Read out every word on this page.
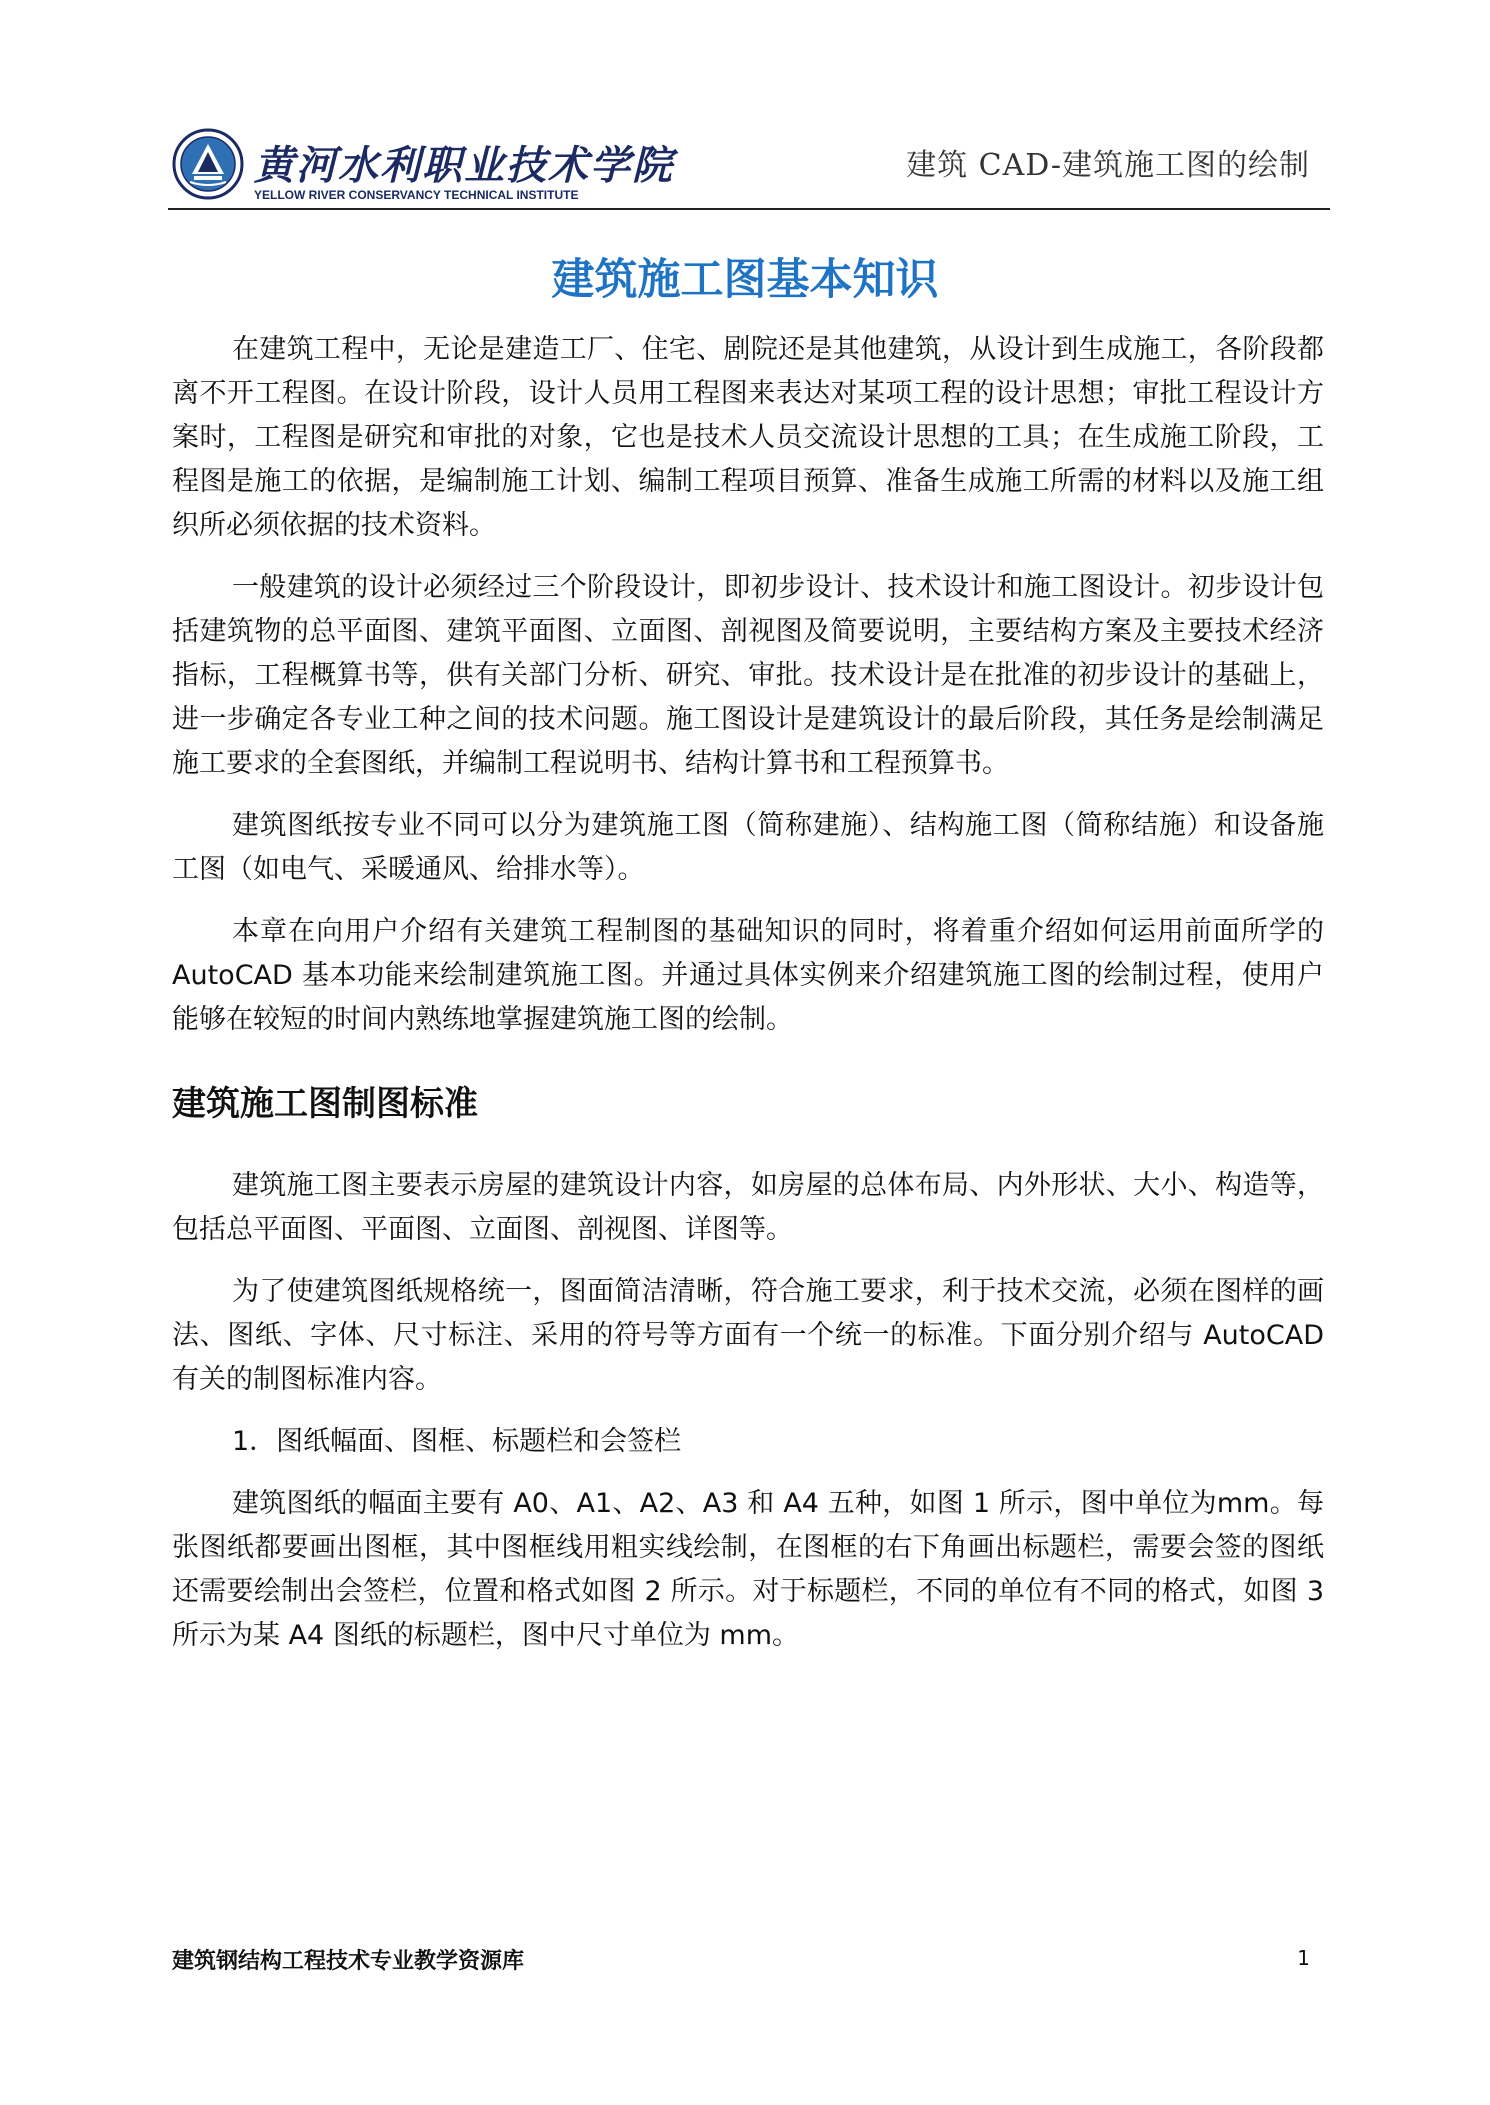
黄河水利职业技术学院
YELLOW RIVER CONSERVANCY TECHNICAL INSTITUTE
建筑 CAD-建筑施工图的绘制
建筑施工图基本知识

在建筑工程中，无论是建造工厂、住宅、剧院还是其他建筑，从设计到生成施工，各阶段都离不开工程图。在设计阶段，设计人员用工程图来表达对某项工程的设计思想；审批工程设计方案时，工程图是研究和审批的对象，它也是技术人员交流设计思想的工具；在生成施工阶段，工程图是施工的依据，是编制施工计划、编制工程项目预算、准备生成施工所需的材料以及施工组织所必须依据的技术资料。

一般建筑的设计必须经过三个阶段设计，即初步设计、技术设计和施工图设计。初步设计包括建筑物的总平面图、建筑平面图、立面图、剖视图及简要说明，主要结构方案及主要技术经济指标，工程概算书等，供有关部门分析、研究、审批。技术设计是在批准的初步设计的基础上，进一步确定各专业工种之间的技术问题。施工图设计是建筑设计的最后阶段，其任务是绘制满足施工要求的全套图纸，并编制工程说明书、结构计算书和工程预算书。

建筑图纸按专业不同可以分为建筑施工图（简称建施）、结构施工图（简称结施）和设备施工图（如电气、采暖通风、给排水等）。

本章在向用户介绍有关建筑工程制图的基础知识的同时，将着重介绍如何运用前面所学的 AutoCAD 基本功能来绘制建筑施工图。并通过具体实例来介绍建筑施工图的绘制过程，使用户能够在较短的时间内熟练地掌握建筑施工图的绘制。

建筑施工图制图标准

建筑施工图主要表示房屋的建筑设计内容，如房屋的总体布局、内外形状、大小、构造等，包括总平面图、平面图、立面图、剖视图、详图等。

为了使建筑图纸规格统一，图面简洁清晰，符合施工要求，利于技术交流，必须在图样的画法、图纸、字体、尺寸标注、采用的符号等方面有一个统一的标准。下面分别介绍与 AutoCAD 有关的制图标准内容。

1．图纸幅面、图框、标题栏和会签栏

建筑图纸的幅面主要有 A0、A1、A2、A3 和 A4 五种，如图 1 所示，图中单位为mm。每张图纸都要画出图框，其中图框线用粗实线绘制，在图框的右下角画出标题栏，需要会签的图纸还需要绘制出会签栏，位置和格式如图 2 所示。对于标题栏，不同的单位有不同的格式，如图 3 所示为某 A4 图纸的标题栏，图中尺寸单位为 mm。

建筑钢结构工程技术专业教学资源库	1
